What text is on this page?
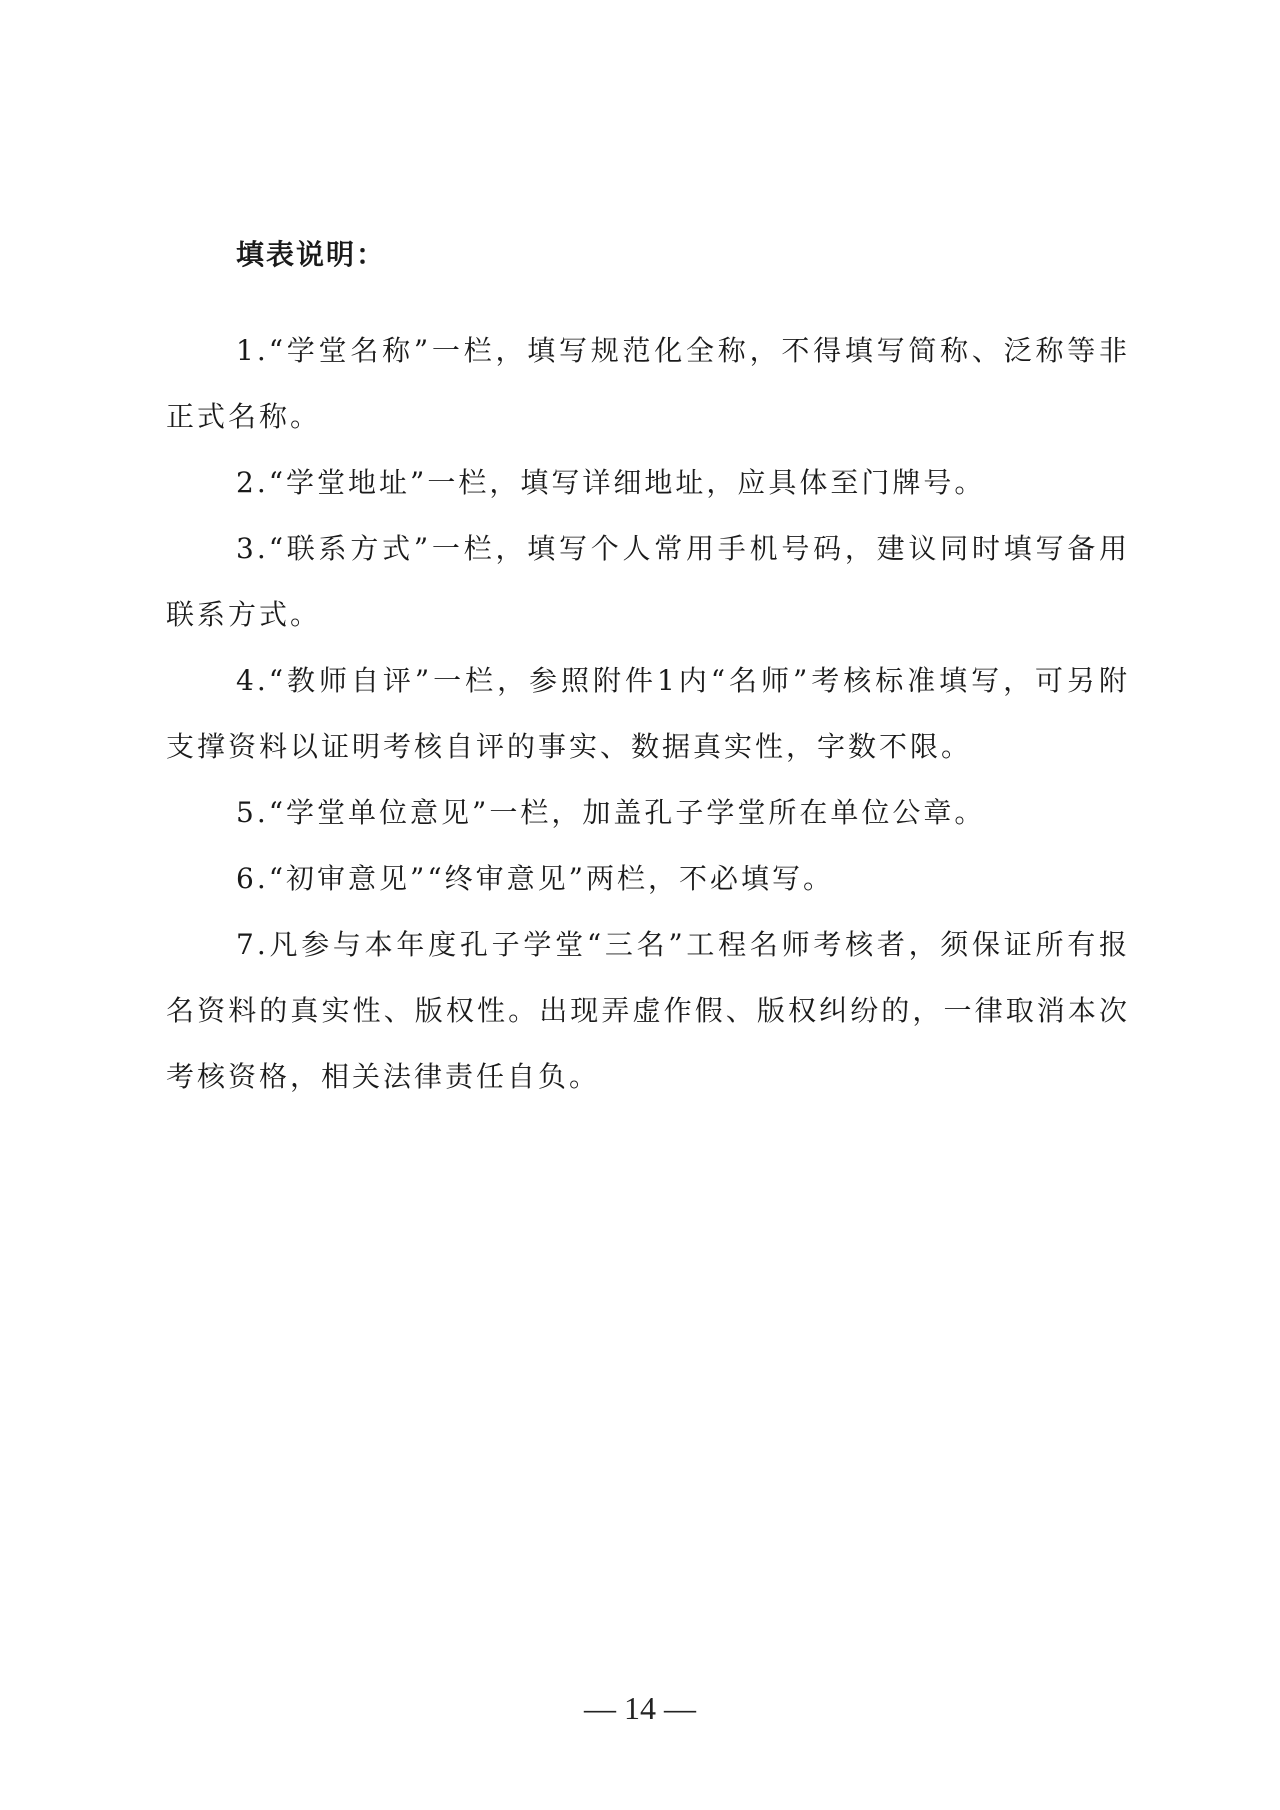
填表说明：

1.“学堂名称”一栏，填写规范化全称，不得填写简称、泛称等非正式名称。

2.“学堂地址”一栏，填写详细地址，应具体至门牌号。

3.“联系方式”一栏，填写个人常用手机号码，建议同时填写备用联系方式。

4.“教师自评”一栏，参照附件1内“名师”考核标准填写，可另附支撑资料以证明考核自评的事实、数据真实性，字数不限。

5.“学堂单位意见”一栏，加盖孔子学堂所在单位公章。

6.“初审意见”“终审意见”两栏，不必填写。

7.凡参与本年度孔子学堂“三名”工程名师考核者，须保证所有报名资料的真实性、版权性。出现弄虚作假、版权纠纷的，一律取消本次考核资格，相关法律责任自负。

— 14 —
